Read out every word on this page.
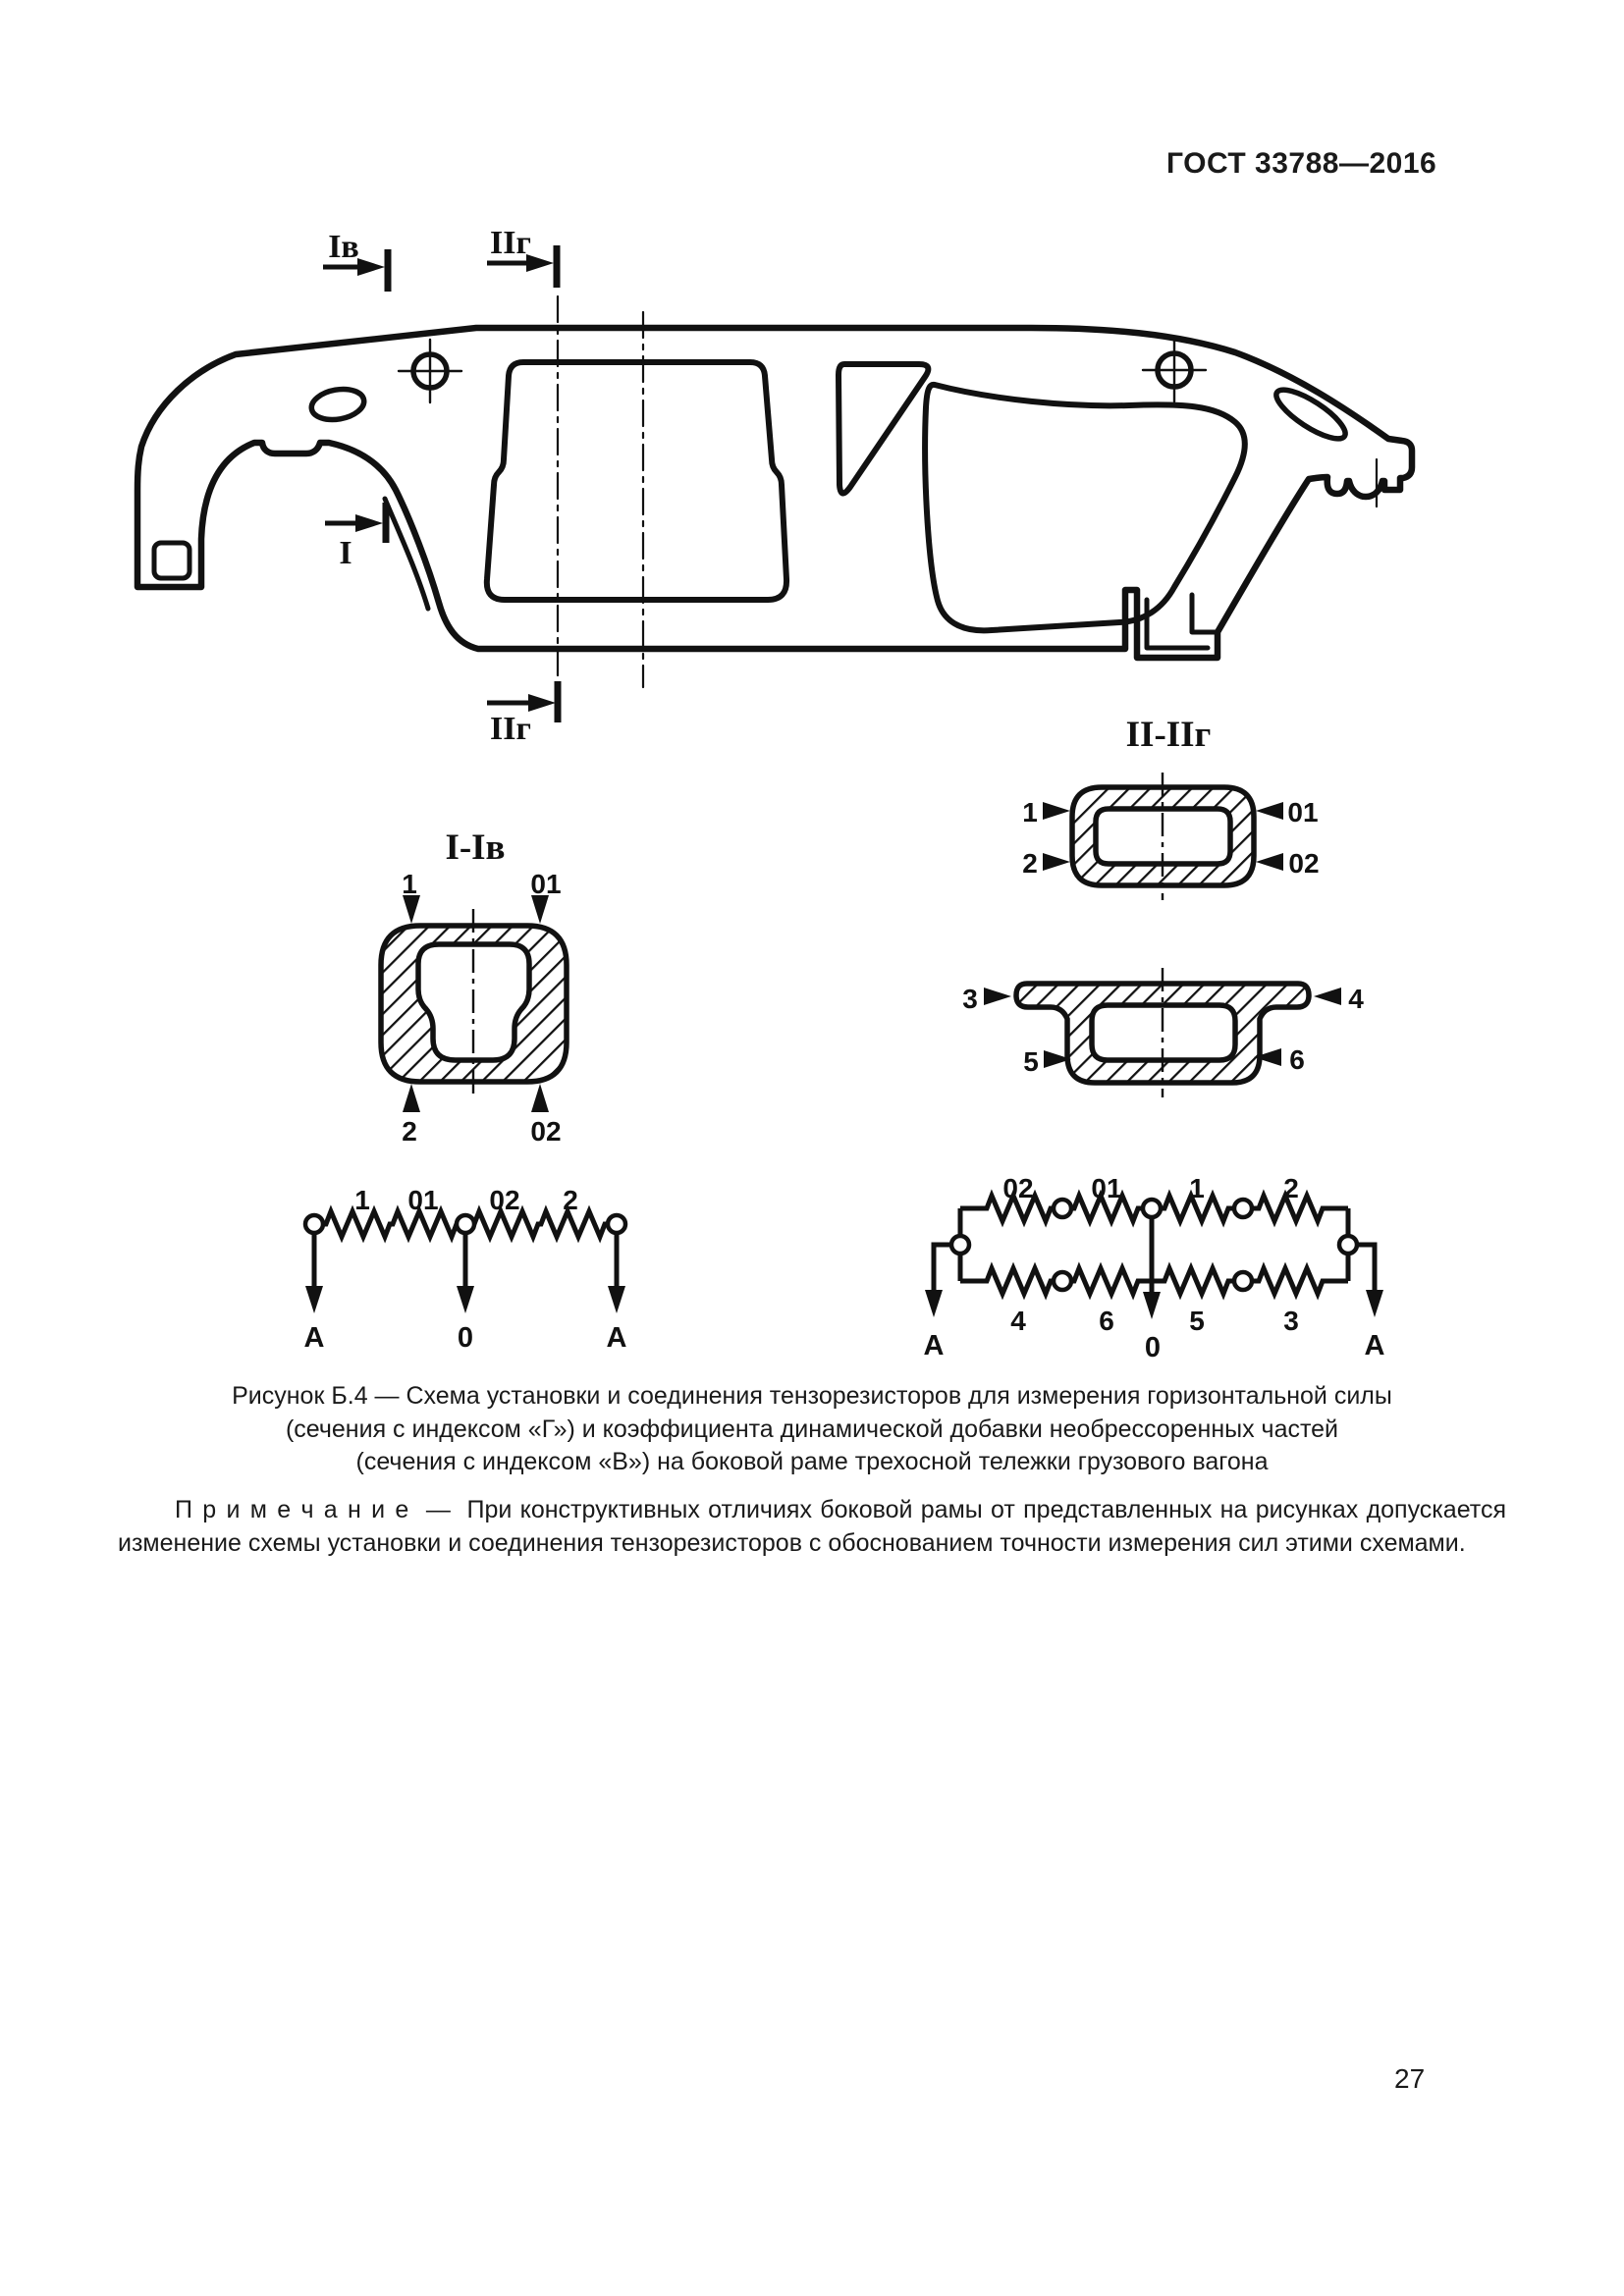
ГОСТ 33788—2016
Iв	IIг
I
IIг
I-Iв
1	01
2	02
II-IIг
1
2
01
02
3	4
5	6
1 01 02 2
A	0	A
02 01 1	2
4	6	5	3
A	0	A
Рисунок Б.4 — Схема установки и соединения тензорезисторов для измерения горизонтальной силы
(сечения с индексом «Г») и коэффициента динамической добавки необрессоренных частей
(сечения с индексом «В») на боковой раме трехосной тележки грузового вагона
П р и м е ч а н и е — При конструктивных отличиях боковой рамы от представленных на рисунках допускается изменение схемы установки и соединения тензорезисторов с обоснованием точности измерения сил этими схемами.
27
